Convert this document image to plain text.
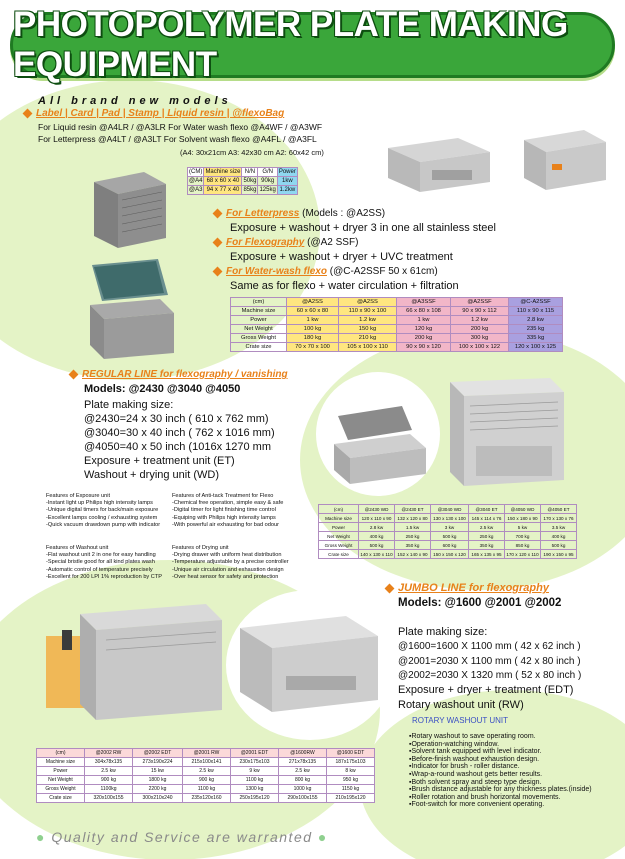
PHOTOPOLYMER PLATE MAKING EQUIPMENT
All brand new models
Label | Card | Pad | Stamp | Liquid resin | @flexoBag
For Liquid resin @A4LR / @A3LR For Water wash flexo @A4WF / @A3WF
For Letterpress @A4LT / @A3LT For Solvent wash flexo @A4FL / @A3FL
(A4: 30x21cm A3: 42x30 cm A2: 60x42 cm)
(CM)	Machine size	N/N	G/N	Power
@A4	68 x 60 x 40	50kg	90kg	1kw
@A3	94 x 77 x 40	85kg	125kg	1.2kw
For Letterpress (Models : @A2SS)
Exposure + washout + dryer 3 in one all stainless steel
For Flexography (@A2 SSF)
Exposure + washout + dryer + UVC treatment
For Water-wash flexo (@C-A2SSF 50 x 61cm)
Same as for flexo + water circulation + filtration
(cm)	@A2SS	@A2SS	@A3SSF	@A2SSF	@C-A2SSF
Machine size	60 x 60 x 80	110 x 90 x 100	66 x 80 x 108	90 x 90 x 112	110 x 90 x 115
Power	1 kw	1.2 kw	1 kw	1.2 kw	2.8 kw
Net Weight	100 kg	150 kg	120 kg	200 kg	235 kg
Gross Weight	180 kg	210 kg	200 kg	300 kg	335 kg
Crate size	70 x 70 x 100	105 x 100 x 110	90 x 90 x 120	100 x 100 x 122	120 x 100 x 125
REGULAR LINE for flexography / vanishing
Models: @2430 @3040 @4050
Plate making size:
@2430=24 x 30 inch ( 610 x 762 mm)
@3040=30 x 40 inch ( 762 x 1016 mm)
@4050=40 x 50 inch (1016x 1270 mm
Exposure + treatment unit (ET)
Washout + drying unit (WD)
Features of Exposure unit
-Instant light up Philips high intensity lamps
-Unique digital timers for back/main exposure
-Excellent lamps cooling / exhausting system
-Quick vacuum drawdown pump with indicator
Features of Anti-tack Treatment for Flexo
-Chemical free operation, simple easy & safe
-Digital timer for light finishing time control
-Equiping with Philips high intensity lamps
-With powerful air exhausting for bad odour
Features of Washout unit
-Flat washout unit 2 in one for easy handling
-Special bristle good for all kind plates wash
-Automatic control of temperature precisely
-Excellent for 200 LPI 1% reproduction by CTP
Features of Drying unit
-Drying drawer with uniform heat distribution
-Temperature adjustable by a precise controller
-Unique air circulation and exhaustion design
-Over heat sensor for safety and protection
(cm)	@2430 WD	@2430 ET	@3040 WD	@3040 ET	@4050 WD	@4050 ET
Machine size	120 x 110 x 90	132 x 120 x 80	130 x 130 x 100	145 x 114 x 76	150 x 180 x 90	170 x 130 x 76
Power	2.8 kw	1.5 kw	3 kw	2.5 kw	5 kw	3.5 kw
Net Weight	400 kg	250 kg	500 kg	250 kg	700 kg	400 kg
Gross Weight	500 kg	350 kg	600 kg	350 kg	850 kg	500 kg
Crate size	140 x 130 x 110	152 x 140 x 90	150 x 150 x 120	165 x 135 x 95	170 x 120 x 110	190 x 150 x 95
JUMBO LINE for flexography
Models: @1600 @2001 @2002
Plate making size:
@1600=1600 X 1100 mm ( 42 x 62 inch )
@2001=2030 X 1100 mm ( 42 x 80 inch )
@2002=2030 X 1320 mm ( 52 x 80 inch )
Exposure + dryer + treatment (EDT)
Rotary washout unit (RW)
ROTARY WASHOUT UNIT
▪Rotary washout to save operating room.
▪Operation-watching window.
▪Solvent tank equipped with level indicator.
▪Before-finish washout exhaustion design.
▪Indicator for brush - roller distance.
▪Wrap-a-round washout gets better results.
▪Both solvent spray and steep type design.
▪Brush distance adjustable for any thickness plates.(inside)
▪Roller rotation and brush horizontal movements.
▪Foot-switch for more convenient operating.
(cm)	@2002 RW	@2002 EDT	@2001 RW	@2001 EDT	@1600RW	@1600 EDT
Machine size	304x78x135	273x190x224	215x100x141	230x175x103	271x78x135	187x175x103
Power	2.5 kw	15 kw	2.5 kw	9 kw	2.5 kw	8 kw
Net Weight	900 kg	1800 kg	900 kg	1100 kg	800 kg	950 kg
Gross Weight	1100kg	2200 kg	1100 kg	1300 kg	1000 kg	1150 kg
Crate size	320x100x155	300x210x240	235x120x160	250x195x120	290x100x155	210x195x120
● Quality and Service are warranted ●
